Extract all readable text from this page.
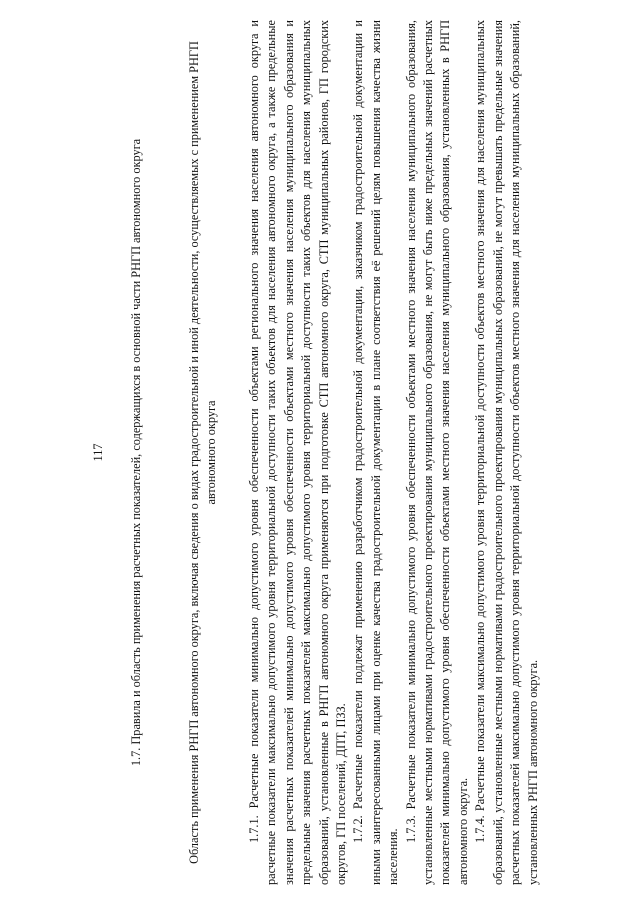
117 1.7. Правила и область применения расчетных показателей, содержащихся в основной части РНГП автономного округа	Область применения РНГП автономного округа, включая сведения о видах градостроительной и иной деятельности, осуществляемых с применением РНГП автономного округа 1.7.1. Расчетные показатели минимально допустимого уровня обеспеченности объектами регионального значения населения автономного округа и расчетные показатели максимально допустимого уровня территориальной доступности таких объектов для населения автономного округа, а также предельные значения расчетных показателей минимально допустимого уровня обеспеченности объектами местного значения населения муниципального образования и предельные значения расчетных показателей максимально допустимого уровня территориальной доступности таких объектов для населения муниципальных образований, установленные в РНГП автономного округа применяются при подготовке СТП автономного округа, СТП муниципальных районов, ГП городских округов, ГП поселений, ДПТ, ПЗЗ. 1.7.2. Расчетные показатели подлежат применению разработчиком градостроительной документации, заказчиком градостроительной документации и иными заинтересованными лицами при оценке качества градостроительной документации в плане соответствия её решений целям повышения качества жизни населения.

1.7.3. Расчетные показатели минимально допустимого уровня обеспеченности объектами местного значения населения муниципального образования, установленные местными нормативами градостроительного проектирования муниципального образования, не могут быть ниже предельных значений расчетных показателей минимально допустимого уровня обеспеченности объектами местного значения населения муниципального образования, установленных в РНГП автономного округа. 1.7.4. Расчетные показатели максимально допустимого уровня территориальной доступности объектов местного значения для населения муниципальных образований, установленные местными нормативами градостроительного проектирования муниципальных образований, не могут превышать предельные значения расчетных показателей максимально допустимого уровня территориальной доступности объектов местного значения для населения муниципальных образований, установленных РНГП автономного округа.
